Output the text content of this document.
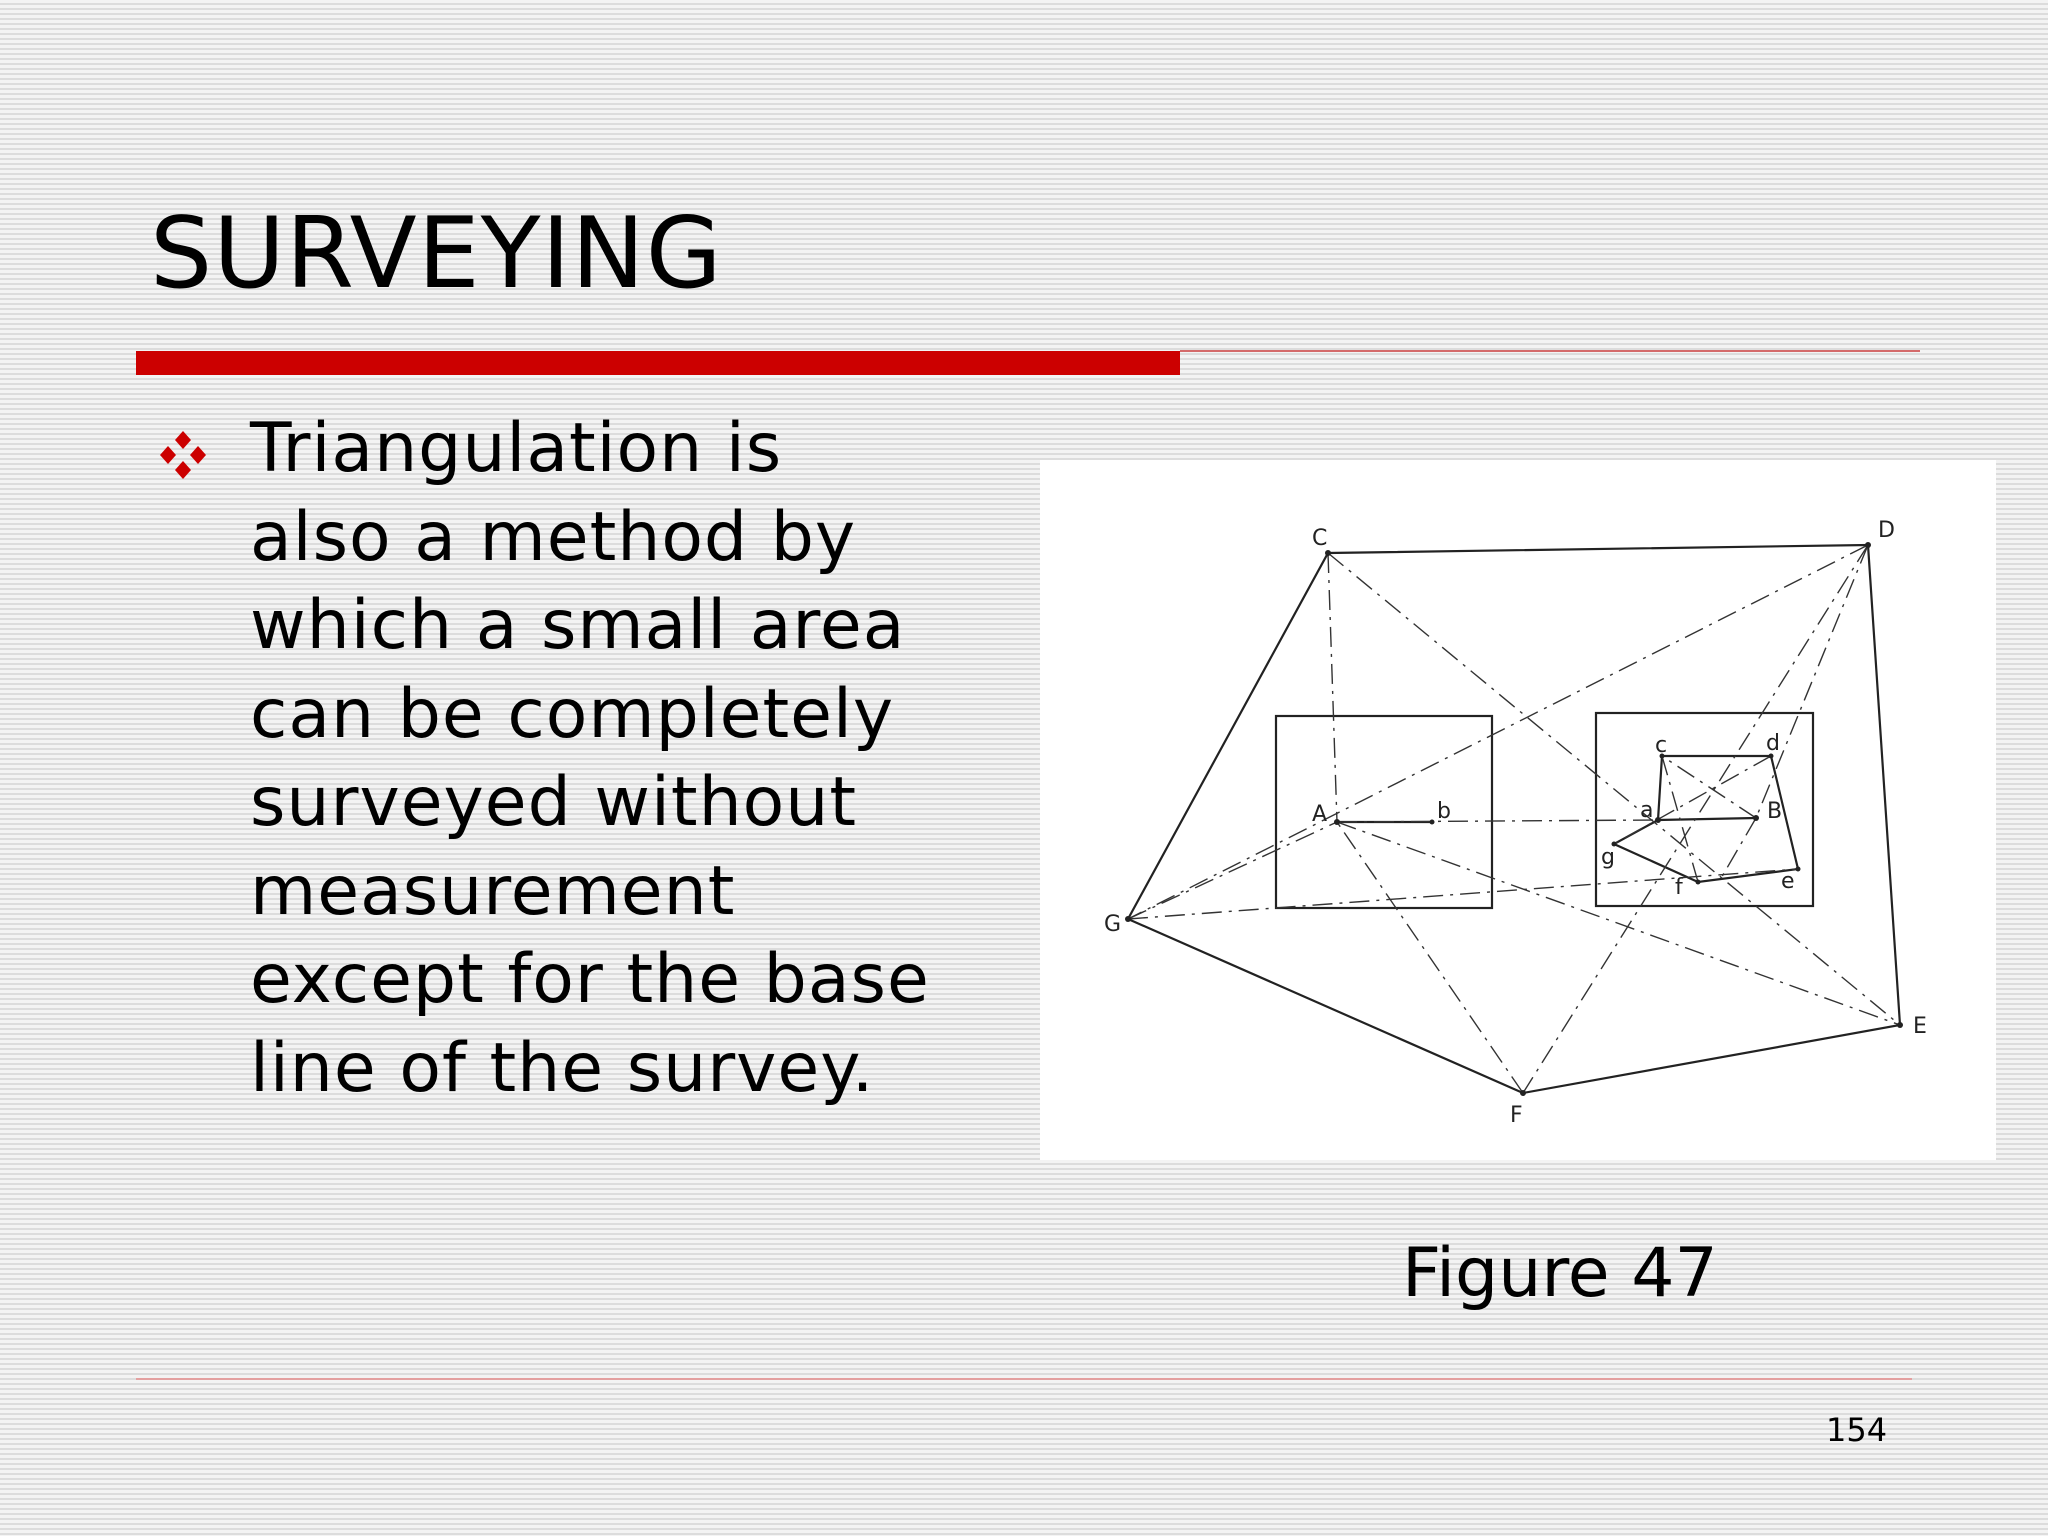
SURVEYING

Triangulation is
also a method by
which a small area
can be completely
surveyed without
measurement
except for the base
line of the survey.

C	D
G
E
F
A	b
c	d
a	B
g
f	e
Figure 47
154
